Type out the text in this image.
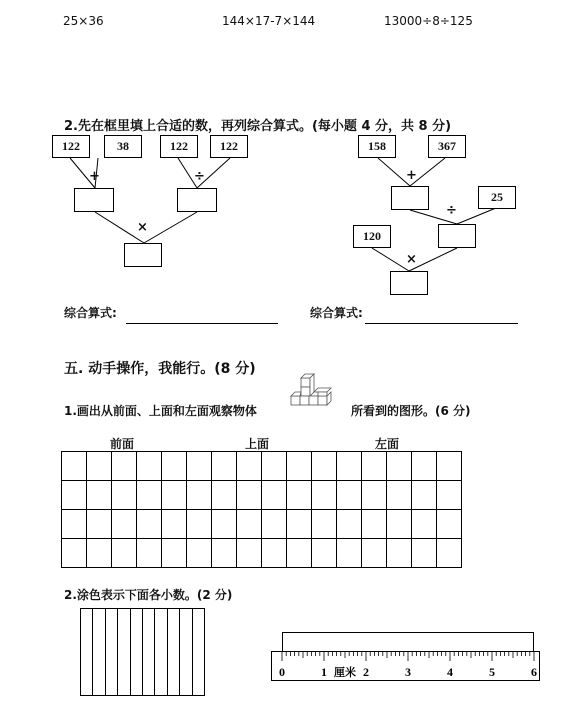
25×36	144×17-7×144	13000÷8÷125
2.先在框里填上合适的数，再列综合算式。(每小题 4 分，共 8 分)
122	38	122	122
+	÷
×
158	367
+
25
÷
120
×
综合算式:	综合算式:
五. 动手操作，我能行。(8 分)
1.画出从前面、上面和左面观察物体	所看到的图形。(6 分)
前面	上面	左面

2.涂色表示下面各小数。(2 分)
0	1	2	3	4	5	6
厘米
